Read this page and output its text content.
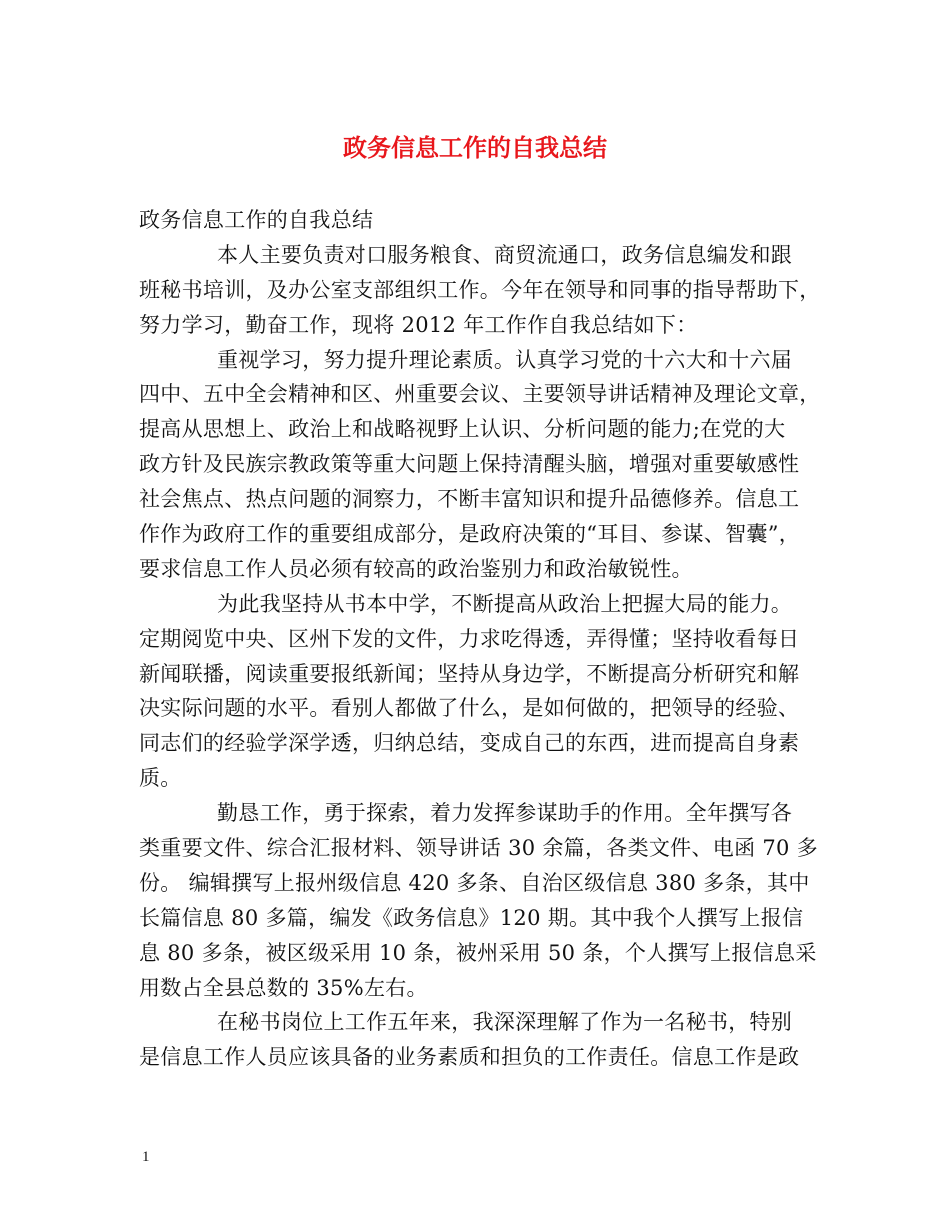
政务信息工作的自我总结
政务信息工作的自我总结
本人主要负责对口服务粮食、商贸流通口，政务信息编发和跟
班秘书培训，及办公室支部组织工作。今年在领导和同事的指导帮助下，
努力学习，勤奋工作，现将 2012 年工作作自我总结如下：
重视学习，努力提升理论素质。认真学习党的十六大和十六届
四中、五中全会精神和区、州重要会议、主要领导讲话精神及理论文章，
提高从思想上、政治上和战略视野上认识、分析问题的能力;在党的大
政方针及民族宗教政策等重大问题上保持清醒头脑，增强对重要敏感性
社会焦点、热点问题的洞察力，不断丰富知识和提升品德修养。信息工
作作为政府工作的重要组成部分，是政府决策的“耳目、参谋、智囊”，
要求信息工作人员必须有较高的政治鉴别力和政治敏锐性。
为此我坚持从书本中学，不断提高从政治上把握大局的能力。
定期阅览中央、区州下发的文件，力求吃得透，弄得懂；坚持收看每日
新闻联播，阅读重要报纸新闻；坚持从身边学，不断提高分析研究和解
决实际问题的水平。看别人都做了什么，是如何做的，把领导的经验、
同志们的经验学深学透，归纳总结，变成自己的东西，进而提高自身素
质。
勤恳工作，勇于探索，着力发挥参谋助手的作用。全年撰写各
类重要文件、综合汇报材料、领导讲话 30 余篇，各类文件、电函 70 多
份。 编辑撰写上报州级信息 420 多条、自治区级信息 380 多条，其中
长篇信息 80 多篇，编发《政务信息》120 期。其中我个人撰写上报信
息 80 多条，被区级采用 10 条，被州采用 50 条，个人撰写上报信息采
用数占全县总数的 35%左右。
在秘书岗位上工作五年来，我深深理解了作为一名秘书，特别
是信息工作人员应该具备的业务素质和担负的工作责任。信息工作是政
1
